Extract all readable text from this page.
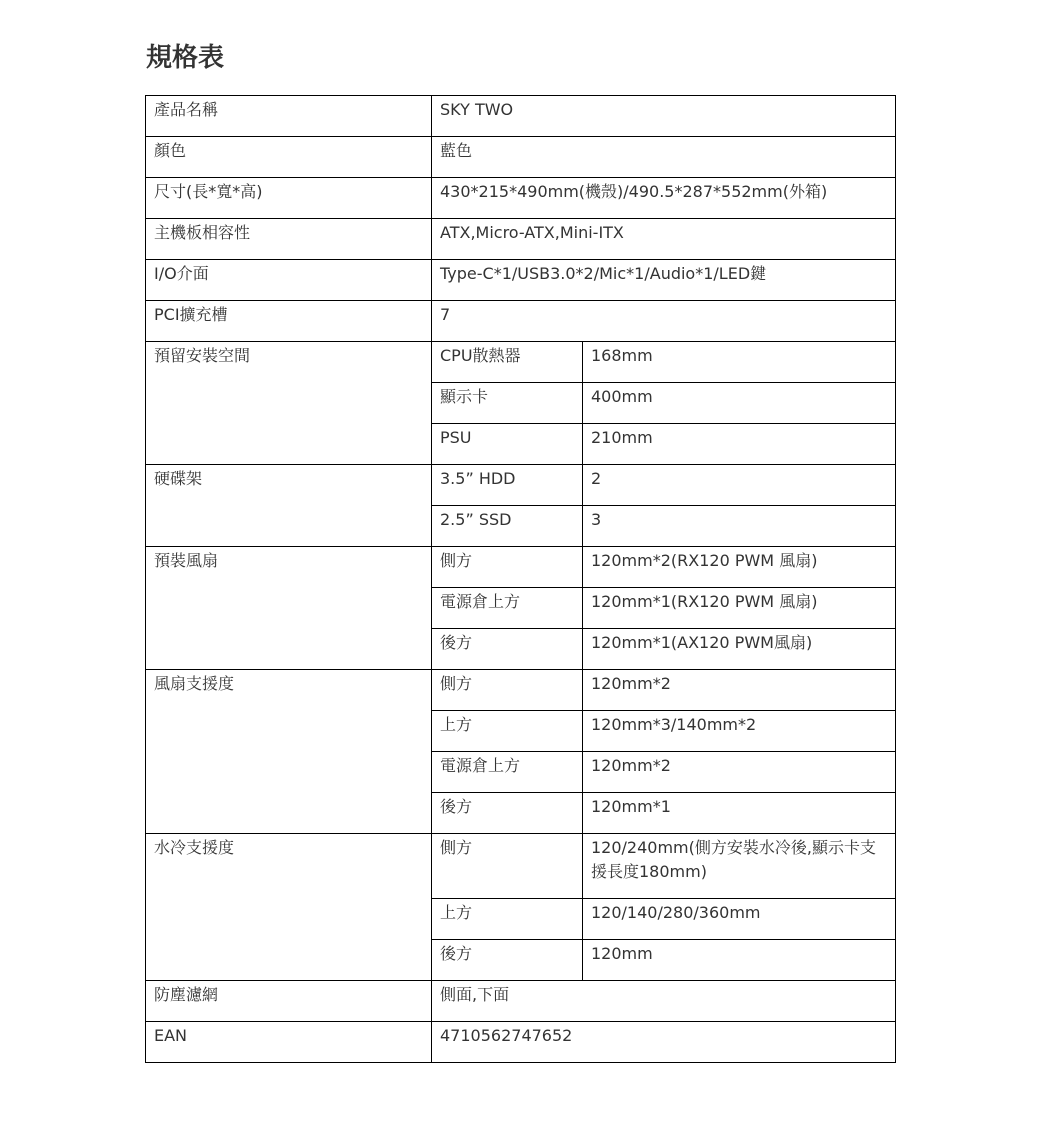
規格表
產品名稱	SKY TWO	
顏色	藍色	
尺寸(長*寬*高)	430*215*490mm(機殼)/490.5*287*552mm(外箱)	
主機板相容性	ATX,Micro-ATX,Mini-ITX	
I/O介面	Type-C*1/USB3.0*2/Mic*1/Audio*1/LED鍵	
PCI擴充槽	7	
預留安裝空間	CPU散熱器	168mm
	顯示卡	400mm
	PSU	210mm
硬碟架	3.5” HDD	2
	2.5” SSD	3
預裝風扇	側方	120mm*2(RX120 PWM 風扇)
	電源倉上方	120mm*1(RX120 PWM 風扇)
	後方	120mm*1(AX120 PWM風扇)
風扇支援度	側方	120mm*2
	上方	120mm*3/140mm*2
	電源倉上方	120mm*2
	後方	120mm*1
水冷支援度	側方	120/240mm(側方安裝水冷後,顯示卡支援長度180mm)
	上方	120/140/280/360mm
	後方	120mm
防塵濾網	側面,下面	
EAN	4710562747652	
